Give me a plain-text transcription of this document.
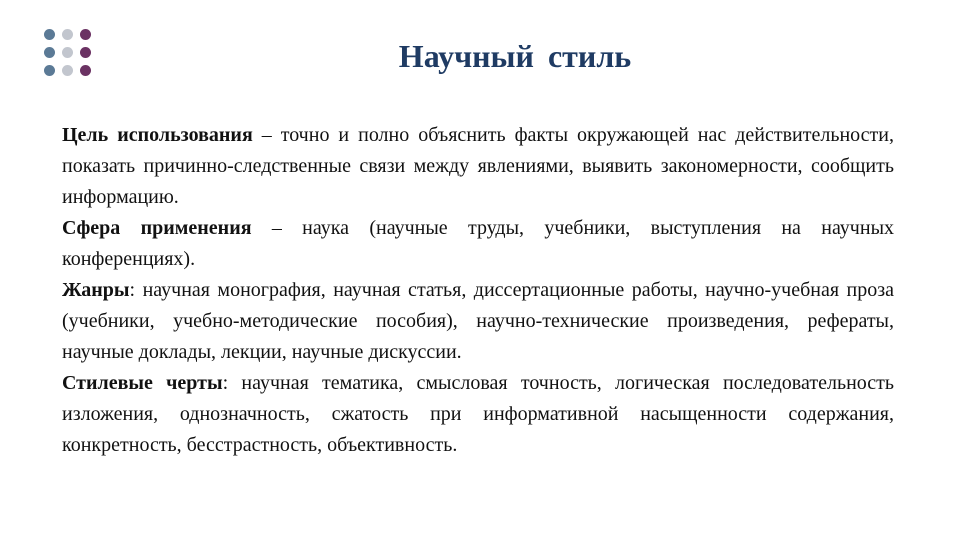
Научный стиль

Цель использования – точно и полно объяснить факты окружающей нас действительности, показать причинно-следственные связи между явлениями, выявить закономерности, сообщить информацию.

Сфера применения – наука (научные труды, учебники, выступления на научных конференциях).

Жанры: научная монография, научная статья, диссертационные работы, научно-учебная проза (учебники, учебно-методические пособия), научно-технические произведения, рефераты, научные доклады, лекции, научные дискуссии.

Стилевые черты: научная тематика, смысловая точность, логическая последовательность изложения, однозначность, сжатость при информативной насыщенности содержания, конкретность, бесстрастность, объективность.
